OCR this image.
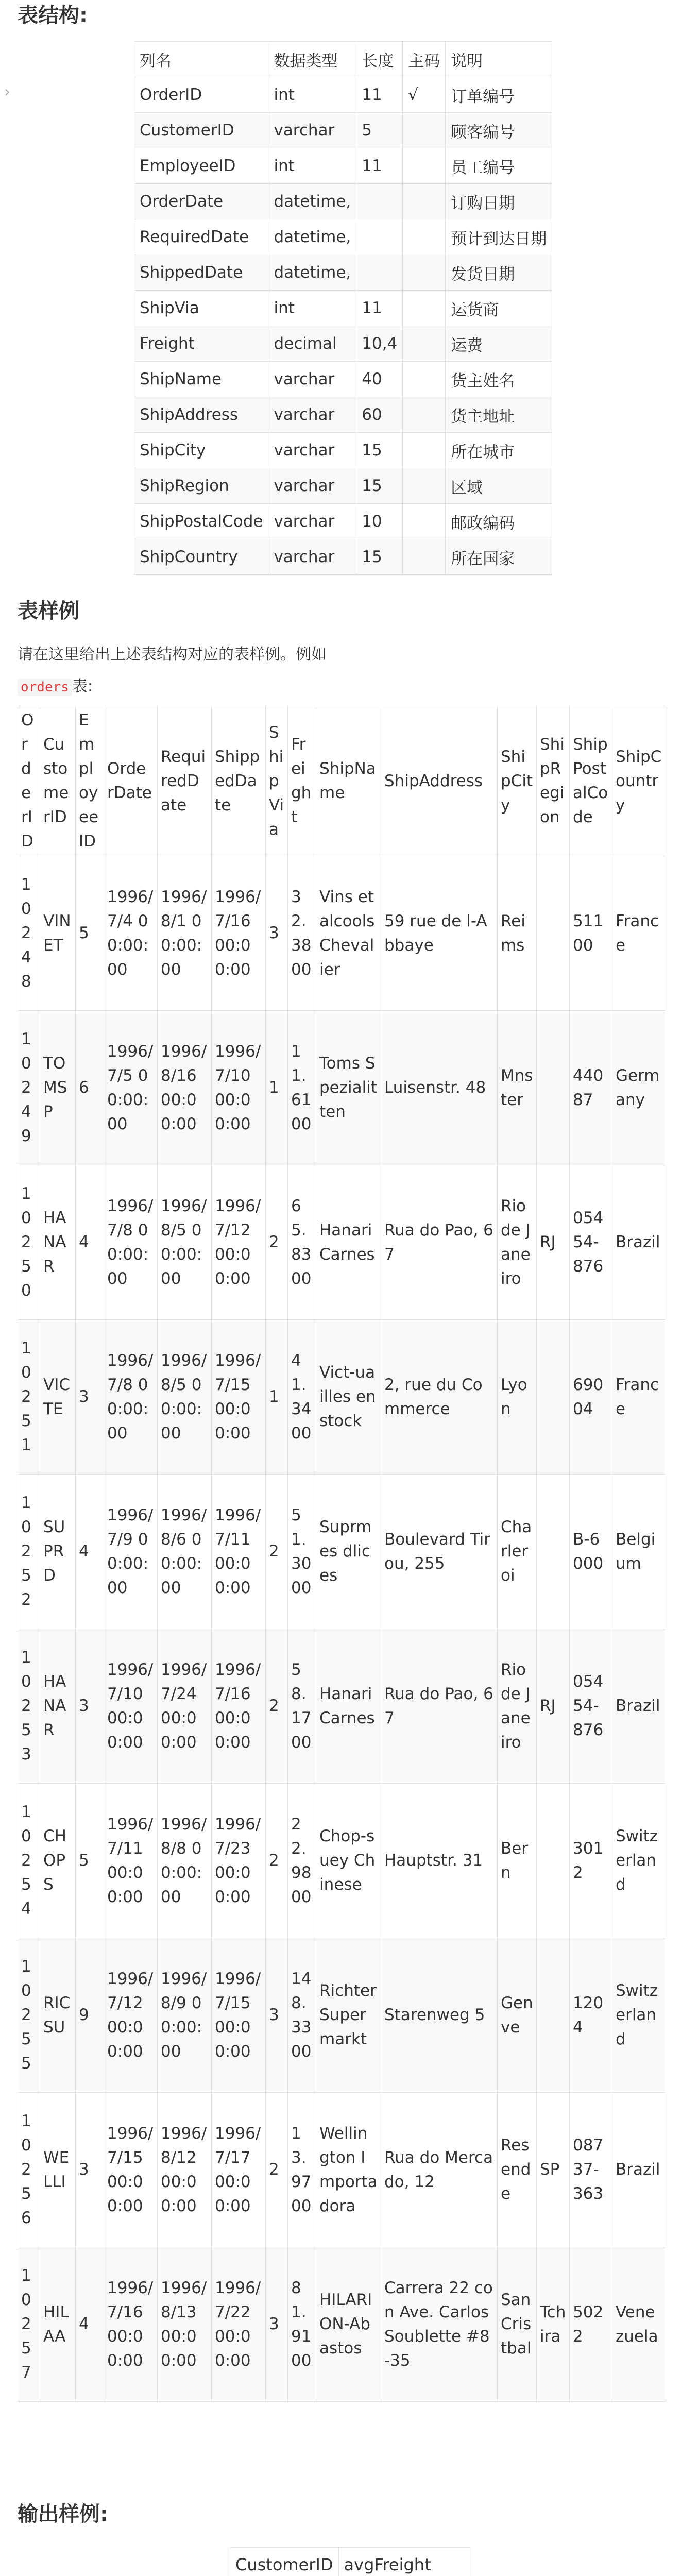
表结构:
›
列名	数据类型	长度	主码	说明
OrderID	int	11	√	订单编号
CustomerID	varchar	5		顾客编号
EmployeeID	int	11		员工编号
OrderDate	datetime,			订购日期
RequiredDate	datetime,			预计到达日期
ShippedDate	datetime,			发货日期
ShipVia	int	11		运货商
Freight	decimal	10,4		运费
ShipName	varchar	40		货主姓名
ShipAddress	varchar	60		货主地址
ShipCity	varchar	15		所在城市
ShipRegion	varchar	15		区域
ShipPostalCode	varchar	10		邮政编码
ShipCountry	varchar	15		所在国家
表样例

请在这里给出上述表结构对应的表样例。例如

orders 表:
OrderID	CustomerID	EmployeeID	OrderDate	RequiredDate	ShippedDate	ShipVia	Freight	ShipName	ShipAddress	ShipCity	ShipRegion	ShipPostalCode	ShipCountry
10248	VINET	5	1996/7/4 00:00:00	1996/8/1 00:00:00	1996/7/16 00:00:00	3	32.3800	Vins et alcools Chevalier	59 rue de l-Abbaye	Reims		51100	France
10249	TOMSP	6	1996/7/5 00:00:00	1996/8/16 00:00:00	1996/7/10 00:00:00	1	11.6100	Toms Spezialitten	Luisenstr. 48	Mnster		44087	Germany
10250	HANAR	4	1996/7/8 00:00:00	1996/8/5 00:00:00	1996/7/12 00:00:00	2	65.8300	Hanari Carnes	Rua do Pao, 67	Rio de Janeiro	RJ	05454-876	Brazil
10251	VICTE	3	1996/7/8 00:00:00	1996/8/5 00:00:00	1996/7/15 00:00:00	1	41.3400	Vict-uailles en stock	2, rue du Commerce	Lyon		69004	France
10252	SUPRD	4	1996/7/9 00:00:00	1996/8/6 00:00:00	1996/7/11 00:00:00	2	51.3000	Suprmes dlices	Boulevard Tirou, 255	Charleroi		B-6000	Belgium
10253	HANAR	3	1996/7/10 00:00:00	1996/7/24 00:00:00	1996/7/16 00:00:00	2	58.1700	Hanari Carnes	Rua do Pao, 67	Rio de Janeiro	RJ	05454-876	Brazil
10254	CHOPS	5	1996/7/11 00:00:00	1996/8/8 00:00:00	1996/7/23 00:00:00	2	22.9800	Chop-suey Chinese	Hauptstr. 31	Bern		3012	Switzerland
10255	RICSU	9	1996/7/12 00:00:00	1996/8/9 00:00:00	1996/7/15 00:00:00	3	148.3300	Richter Supermarkt	Starenweg 5	Genve		1204	Switzerland
10256	WELLI	3	1996/7/15 00:00:00	1996/8/12 00:00:00	1996/7/17 00:00:00	2	13.9700	Wellington Importadora	Rua do Mercado, 12	Resende	SP	08737-363	Brazil
10257	HILAA	4	1996/7/16 00:00:00	1996/8/13 00:00:00	1996/7/22 00:00:00	3	81.9100	HILARION-Abastos	Carrera 22 con Ave. Carlos Soublette #8-35	San Cristbal	Tchira	5022	Venezuela
输出样例:
CustomerID	avgFreight
